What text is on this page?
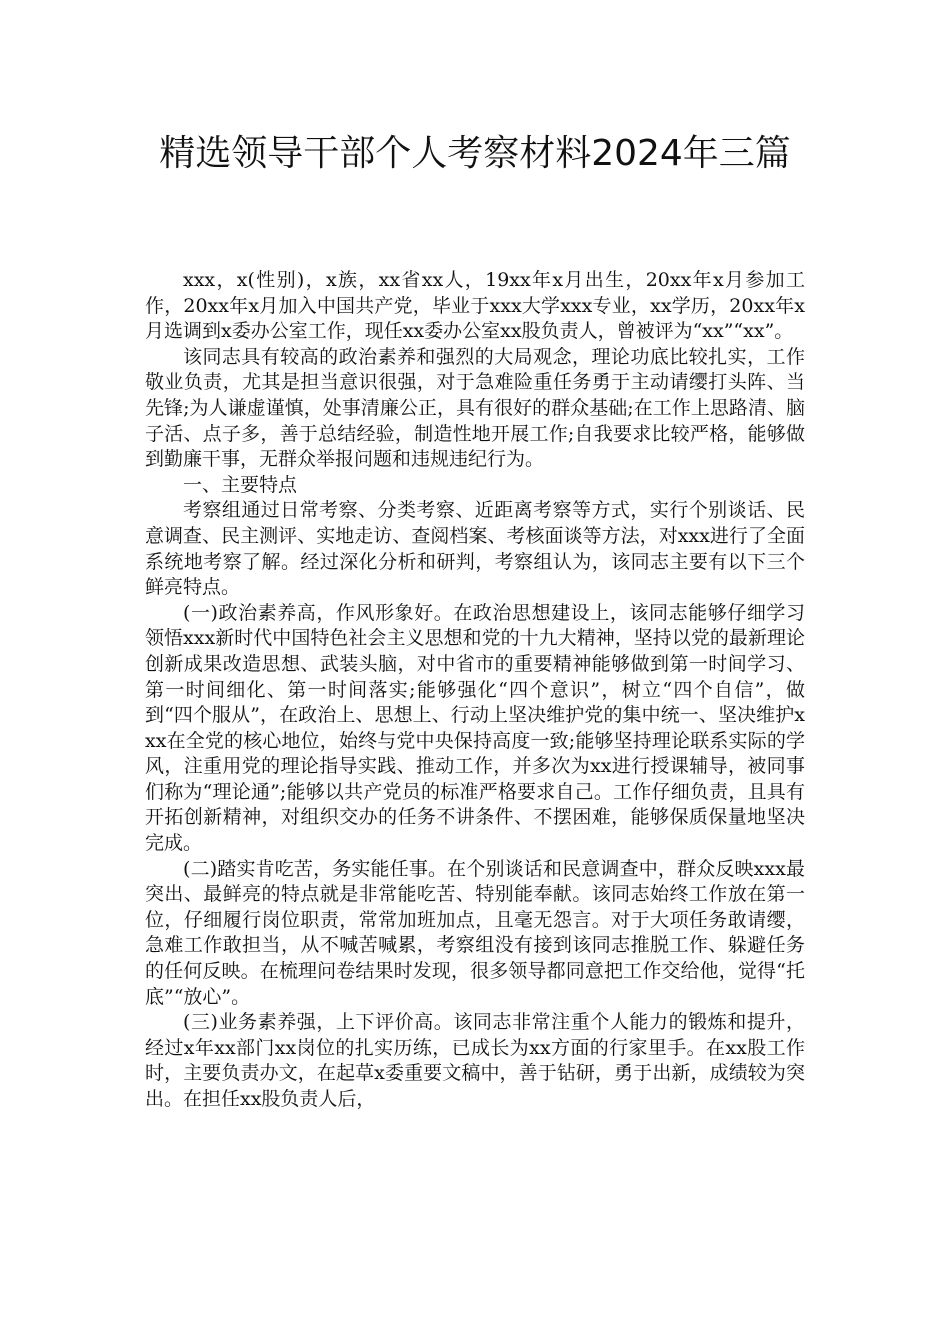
精选领导干部个人考察材料2024年三篇

xxx，x(性别)，x族，xx省xx人，19xx年x月出生，20xx年x月参加工作，20xx年x月加入中国共产党，毕业于xxx大学xxx专业，xx学历，20xx年x月选调到x委办公室工作，现任xx委办公室xx股负责人，曾被评为“xx”“xx”。

该同志具有较高的政治素养和强烈的大局观念，理论功底比较扎实，工作敬业负责，尤其是担当意识很强，对于急难险重任务勇于主动请缨打头阵、当先锋;为人谦虚谨慎，处事清廉公正，具有很好的群众基础;在工作上思路清、脑子活、点子多，善于总结经验，制造性地开展工作;自我要求比较严格，能够做到勤廉干事，无群众举报问题和违规违纪行为。

一、主要特点

考察组通过日常考察、分类考察、近距离考察等方式，实行个别谈话、民意调查、民主测评、实地走访、查阅档案、考核面谈等方法，对xxx进行了全面系统地考察了解。经过深化分析和研判，考察组认为，该同志主要有以下三个鲜亮特点。

(一)政治素养高，作风形象好。在政治思想建设上，该同志能够仔细学习领悟xxx新时代中国特色社会主义思想和党的十九大精神，坚持以党的最新理论创新成果改造思想、武装头脑，对中省市的重要精神能够做到第一时间学习、第一时间细化、第一时间落实;能够强化“四个意识”，树立“四个自信”，做到“四个服从”，在政治上、思想上、行动上坚决维护党的集中统一、坚决维护xxx在全党的核心地位，始终与党中央保持高度一致;能够坚持理论联系实际的学风，注重用党的理论指导实践、推动工作，并多次为xx进行授课辅导，被同事们称为“理论通”;能够以共产党员的标准严格要求自己。工作仔细负责，且具有开拓创新精神，对组织交办的任务不讲条件、不摆困难，能够保质保量地坚决完成。

(二)踏实肯吃苦，务实能任事。在个别谈话和民意调查中，群众反映xxx最突出、最鲜亮的特点就是非常能吃苦、特别能奉献。该同志始终工作放在第一位，仔细履行岗位职责，常常加班加点，且毫无怨言。对于大项任务敢请缨，急难工作敢担当，从不喊苦喊累，考察组没有接到该同志推脱工作、躲避任务的任何反映。在梳理问卷结果时发现，很多领导都同意把工作交给他，觉得“托底”“放心”。

(三)业务素养强，上下评价高。该同志非常注重个人能力的锻炼和提升，经过x年xx部门xx岗位的扎实历练，已成长为xx方面的行家里手。在xx股工作时，主要负责办文，在起草x委重要文稿中，善于钻研，勇于出新，成绩较为突出。在担任xx股负责人后，
